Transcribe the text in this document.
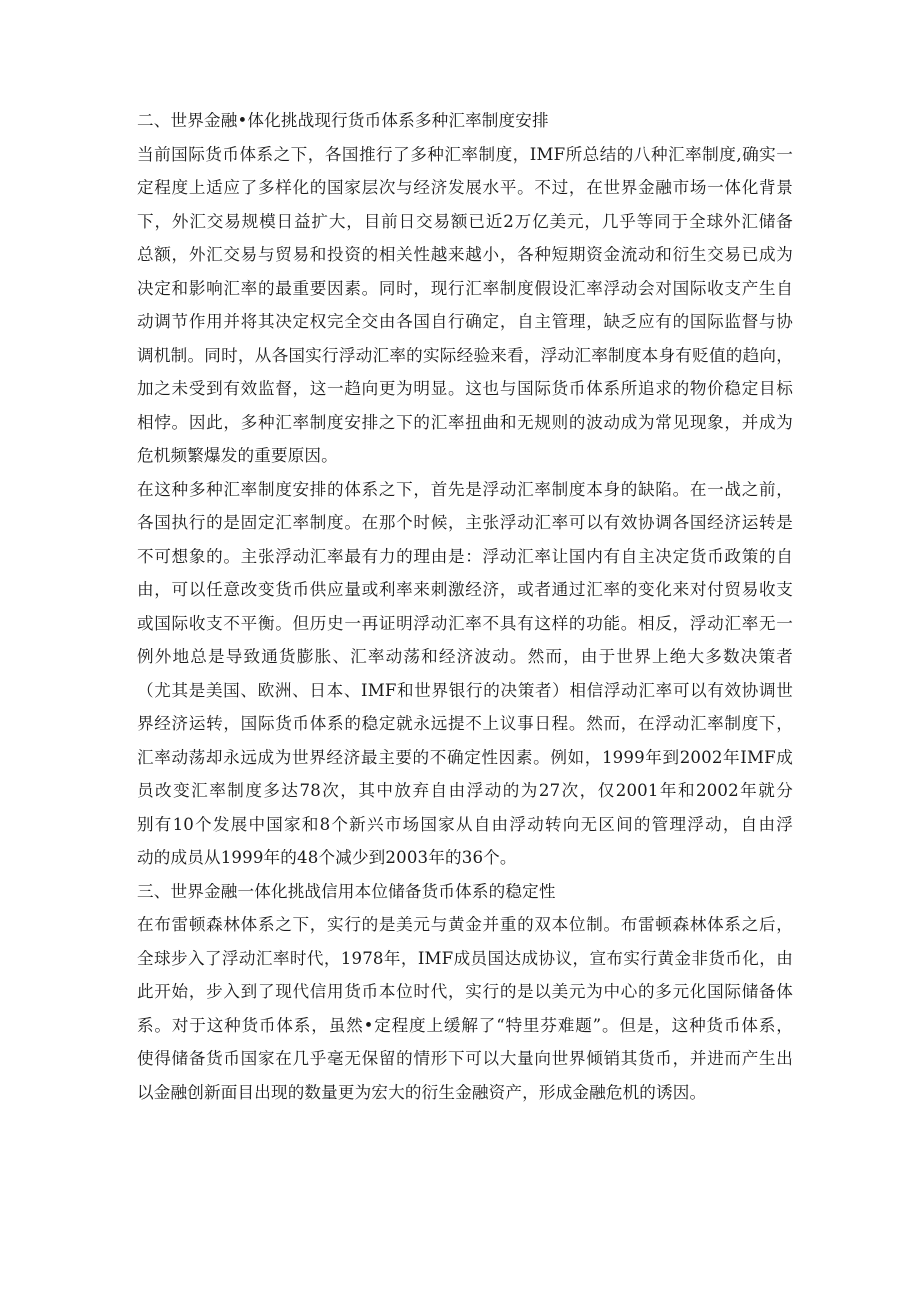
二、世界金融•体化挑战现行货币体系多种汇率制度安排
当前国际货币体系之下，各国推行了多种汇率制度，IMF所总结的八种汇率制度,确实一
定程度上适应了多样化的国家层次与经济发展水平。不过，在世界金融市场一体化背景
下，外汇交易规模日益扩大，目前日交易额已近2万亿美元，几乎等同于全球外汇储备
总额，外汇交易与贸易和投资的相关性越来越小，各种短期资金流动和衍生交易已成为
决定和影响汇率的最重要因素。同时，现行汇率制度假设汇率浮动会对国际收支产生自
动调节作用并将其决定权完全交由各国自行确定，自主管理，缺乏应有的国际监督与协
调机制。同时，从各国实行浮动汇率的实际经验来看，浮动汇率制度本身有贬值的趋向，
加之未受到有效监督，这一趋向更为明显。这也与国际货币体系所追求的物价稳定目标
相悖。因此，多种汇率制度安排之下的汇率扭曲和无规则的波动成为常见现象，并成为
危机频繁爆发的重要原因。
在这种多种汇率制度安排的体系之下，首先是浮动汇率制度本身的缺陷。在一战之前，
各国执行的是固定汇率制度。在那个时候，主张浮动汇率可以有效协调各国经济运转是
不可想象的。主张浮动汇率最有力的理由是：浮动汇率让国内有自主决定货币政策的自
由，可以任意改变货币供应量或利率来刺激经济，或者通过汇率的变化来对付贸易收支
或国际收支不平衡。但历史一再证明浮动汇率不具有这样的功能。相反，浮动汇率无一
例外地总是导致通货膨胀、汇率动荡和经济波动。然而，由于世界上绝大多数决策者
（尤其是美国、欧洲、日本、IMF和世界银行的决策者）相信浮动汇率可以有效协调世
界经济运转，国际货币体系的稳定就永远提不上议事日程。然而，在浮动汇率制度下，
汇率动荡却永远成为世界经济最主要的不确定性因素。例如，1999年到2002年IMF成
员改变汇率制度多达78次，其中放弃自由浮动的为27次，仅2001年和2002年就分
别有10个发展中国家和8个新兴市场国家从自由浮动转向无区间的管理浮动，自由浮
动的成员从1999年的48个减少到2003年的36个。
三、世界金融一体化挑战信用本位储备货币体系的稳定性
在布雷顿森林体系之下，实行的是美元与黄金并重的双本位制。布雷顿森林体系之后，
全球步入了浮动汇率时代，1978年，IMF成员国达成协议，宣布实行黄金非货币化，由
此开始，步入到了现代信用货币本位时代，实行的是以美元为中心的多元化国际储备体
系。对于这种货币体系，虽然•定程度上缓解了“特里芬难题”。但是，这种货币体系，
使得储备货币国家在几乎毫无保留的情形下可以大量向世界倾销其货币，并进而产生出
以金融创新面目出现的数量更为宏大的衍生金融资产，形成金融危机的诱因。
